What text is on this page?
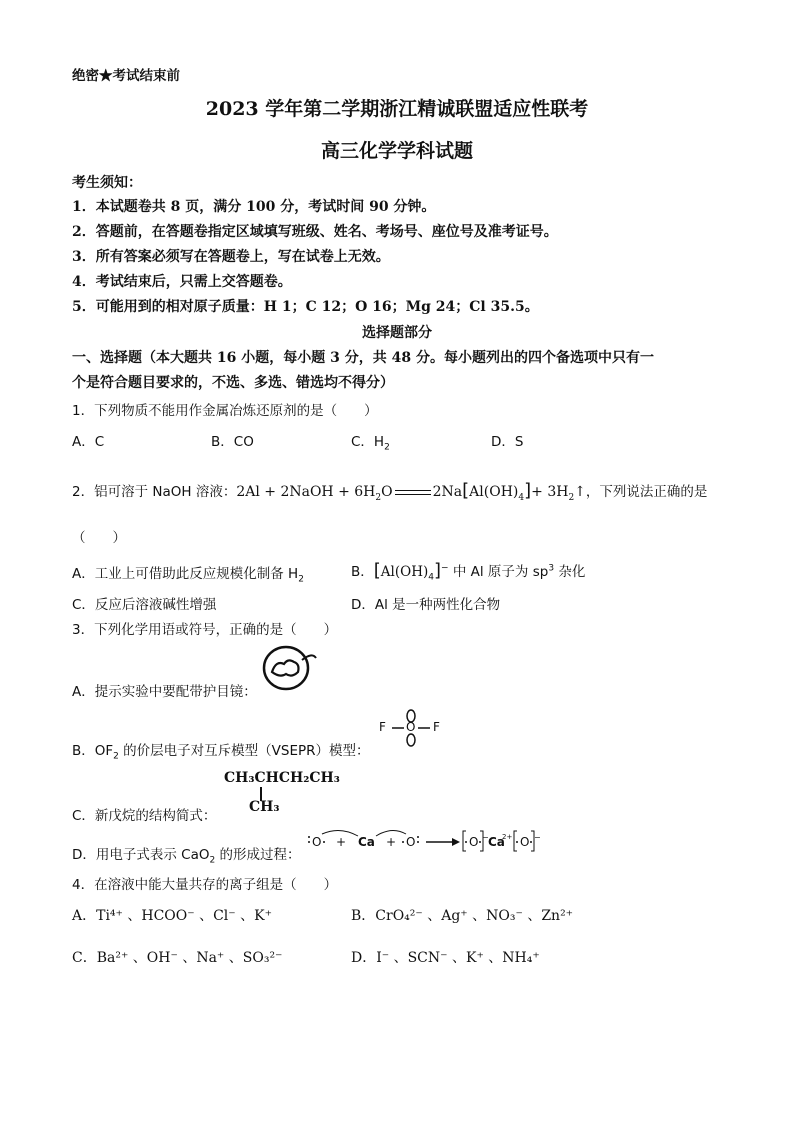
绝密★考试结束前
2023 学年第二学期浙江精诚联盟适应性联考
高三化学学科试题
考生须知：
1．本试题卷共 8 页，满分 100 分，考试时间 90 分钟。
2．答题前，在答题卷指定区域填写班级、姓名、考场号、座位号及准考证号。
3．所有答案必须写在答题卷上，写在试卷上无效。
4．考试结束后，只需上交答题卷。
5．可能用到的相对原子质量：H 1；C 12；O 16；Mg 24；Cl 35.5。
选择题部分
一、选择题（本大题共 16 小题，每小题 3 分，共 48 分。每小题列出的四个备选项中只有一
个是符合题目要求的，不选、多选、错选均不得分）
1．下列物质不能用作金属冶炼还原剂的是（　　）
A．C	B．CO	C．$H_2$	D．S
2．铝可溶于 NaOH 溶液：2Al + 2NaOH + $6H_2O$	$2Na[Al(OH)_4]+$ $3H_2↑$，下列说法正确的是
（　　）
A．工业上可借助此反应规模化制备 $H_2$	B．$[Al(OH)_4]^-$ 中 Al 原子为 $sp^3$ 杂化
C．反应后溶液碱性增强	D．Al 是一种两性化合物
3．下列化学用语或符号，正确的是（　　）
A．提示实验中要配带护目镜：
B．$OF_2$ 的价层电子对互斥模型（VSEPR）模型：
F O F
C．新戊烷的结构简式：
CH₃CHCH₂CH₃
CH₃
D．用电子式表示 CaO$_2$ 的形成过程：
O + Ca + O	O − Ca
2+ O −
4．在溶液中能大量共存的离子组是（　　）
A．Ti⁴⁺ 、HCOO⁻ 、Cl⁻ 、K⁺	B．CrO₄²⁻ 、Ag⁺ 、NO₃⁻ 、Zn²⁺
C．Ba²⁺ 、OH⁻ 、Na⁺ 、SO₃²⁻	D．I⁻ 、SCN⁻ 、K⁺ 、NH₄⁺
